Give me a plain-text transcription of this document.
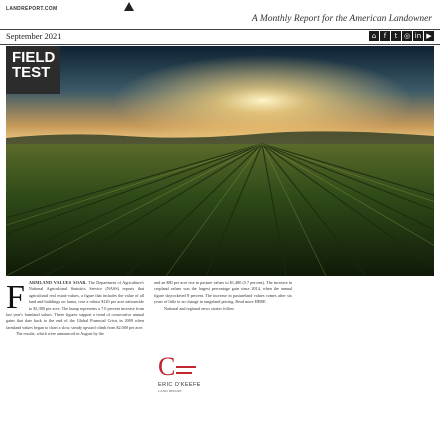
LANDREPORT.COM
A Monthly Report for the American Landowner
September 2021	⌂	f	t ◎ in ▶
FIELD
TEST
FARMLAND VALUES SOAR. The Department of Agriculture's National Agricultural Statistics Service (NASS) reports that agricultural real estate values, a figure that includes the value of all land and buildings on farms, rose a robust $120 per acre nationwide to $3,380 per acre. The bump represents a 7.0 percent increase from last year's farmland values. These figures support a trend of consecutive annual gains that date back to the end of the Global Financial Crisis in 2009 when farmland values began to chart a slow, steady upward climb from $2,000 per acre.
The results, which were announced in August by the
and an $80 per acre rise in pasture values to $1,480 (5.7 percent). The increase in cropland values was the largest percentage gain since 2014, when the annual figure skyrocketed 8 percent. The increase in pastureland values comes after six years of little to no change in rangeland pricing. Read more HERE.
National and regional news stories follow.
C
ERIC O'KEEFE
LAND REPORT
